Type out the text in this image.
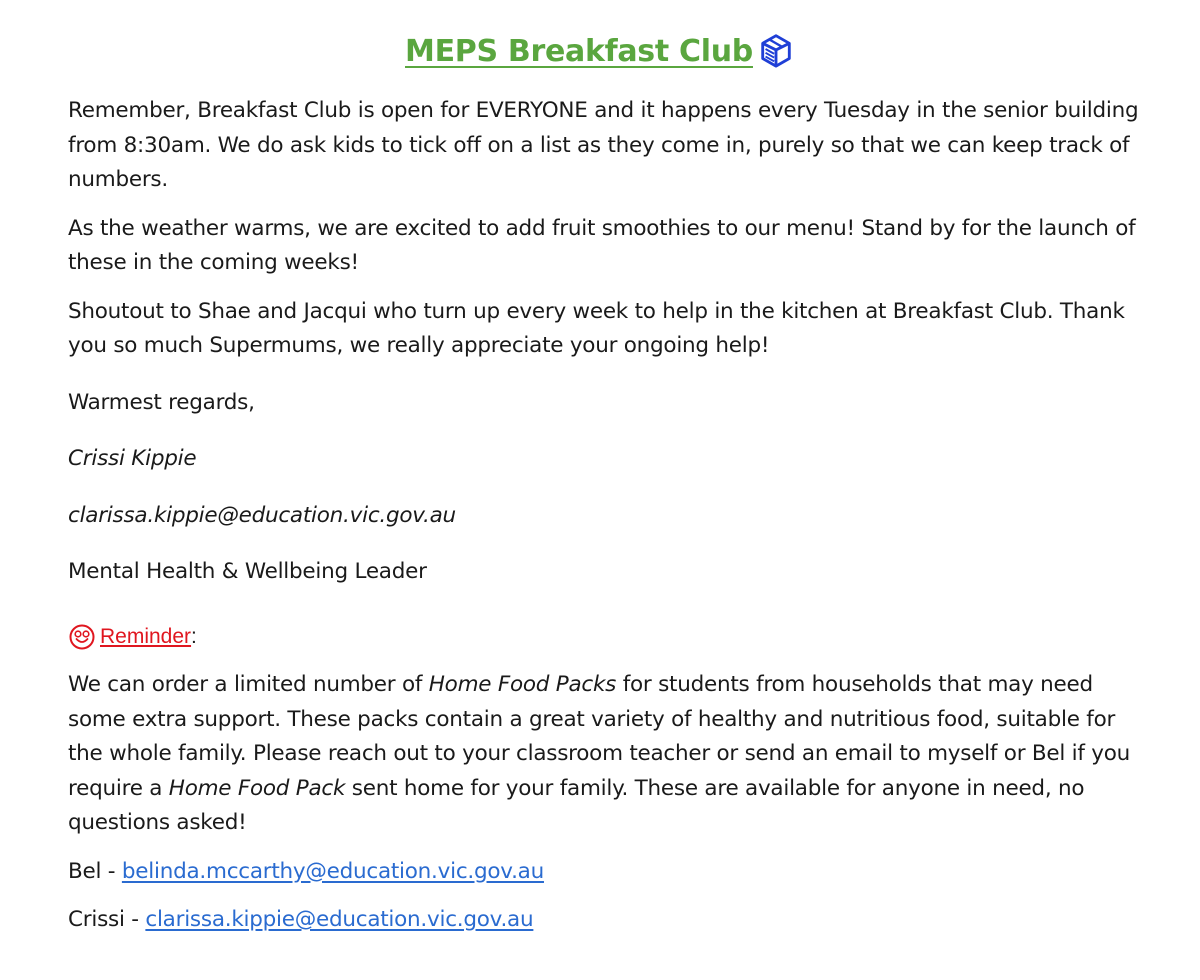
MEPS Breakfast Club

Remember, Breakfast Club is open for EVERYONE and it happens every Tuesday in the senior building from 8:30am. We do ask kids to tick off on a list as they come in, purely so that we can keep track of numbers.

As the weather warms, we are excited to add fruit smoothies to our menu! Stand by for the launch of these in the coming weeks!

Shoutout to Shae and Jacqui who turn up every week to help in the kitchen at Breakfast Club. Thank you so much Supermums, we really appreciate your ongoing help!

Warmest regards,

Crissi Kippie

clarissa.kippie@education.vic.gov.au

Mental Health & Wellbeing Leader

Reminder :

We can order a limited number of Home Food Packs for students from households that may need some extra support. These packs contain a great variety of healthy and nutritious food, suitable for the whole family. Please reach out to your classroom teacher or send an email to myself or Bel if you require a Home Food Pack sent home for your family. These are available for anyone in need, no questions asked!

Bel - belinda.mccarthy@education.vic.gov.au

Crissi - clarissa.kippie@education.vic.gov.au
